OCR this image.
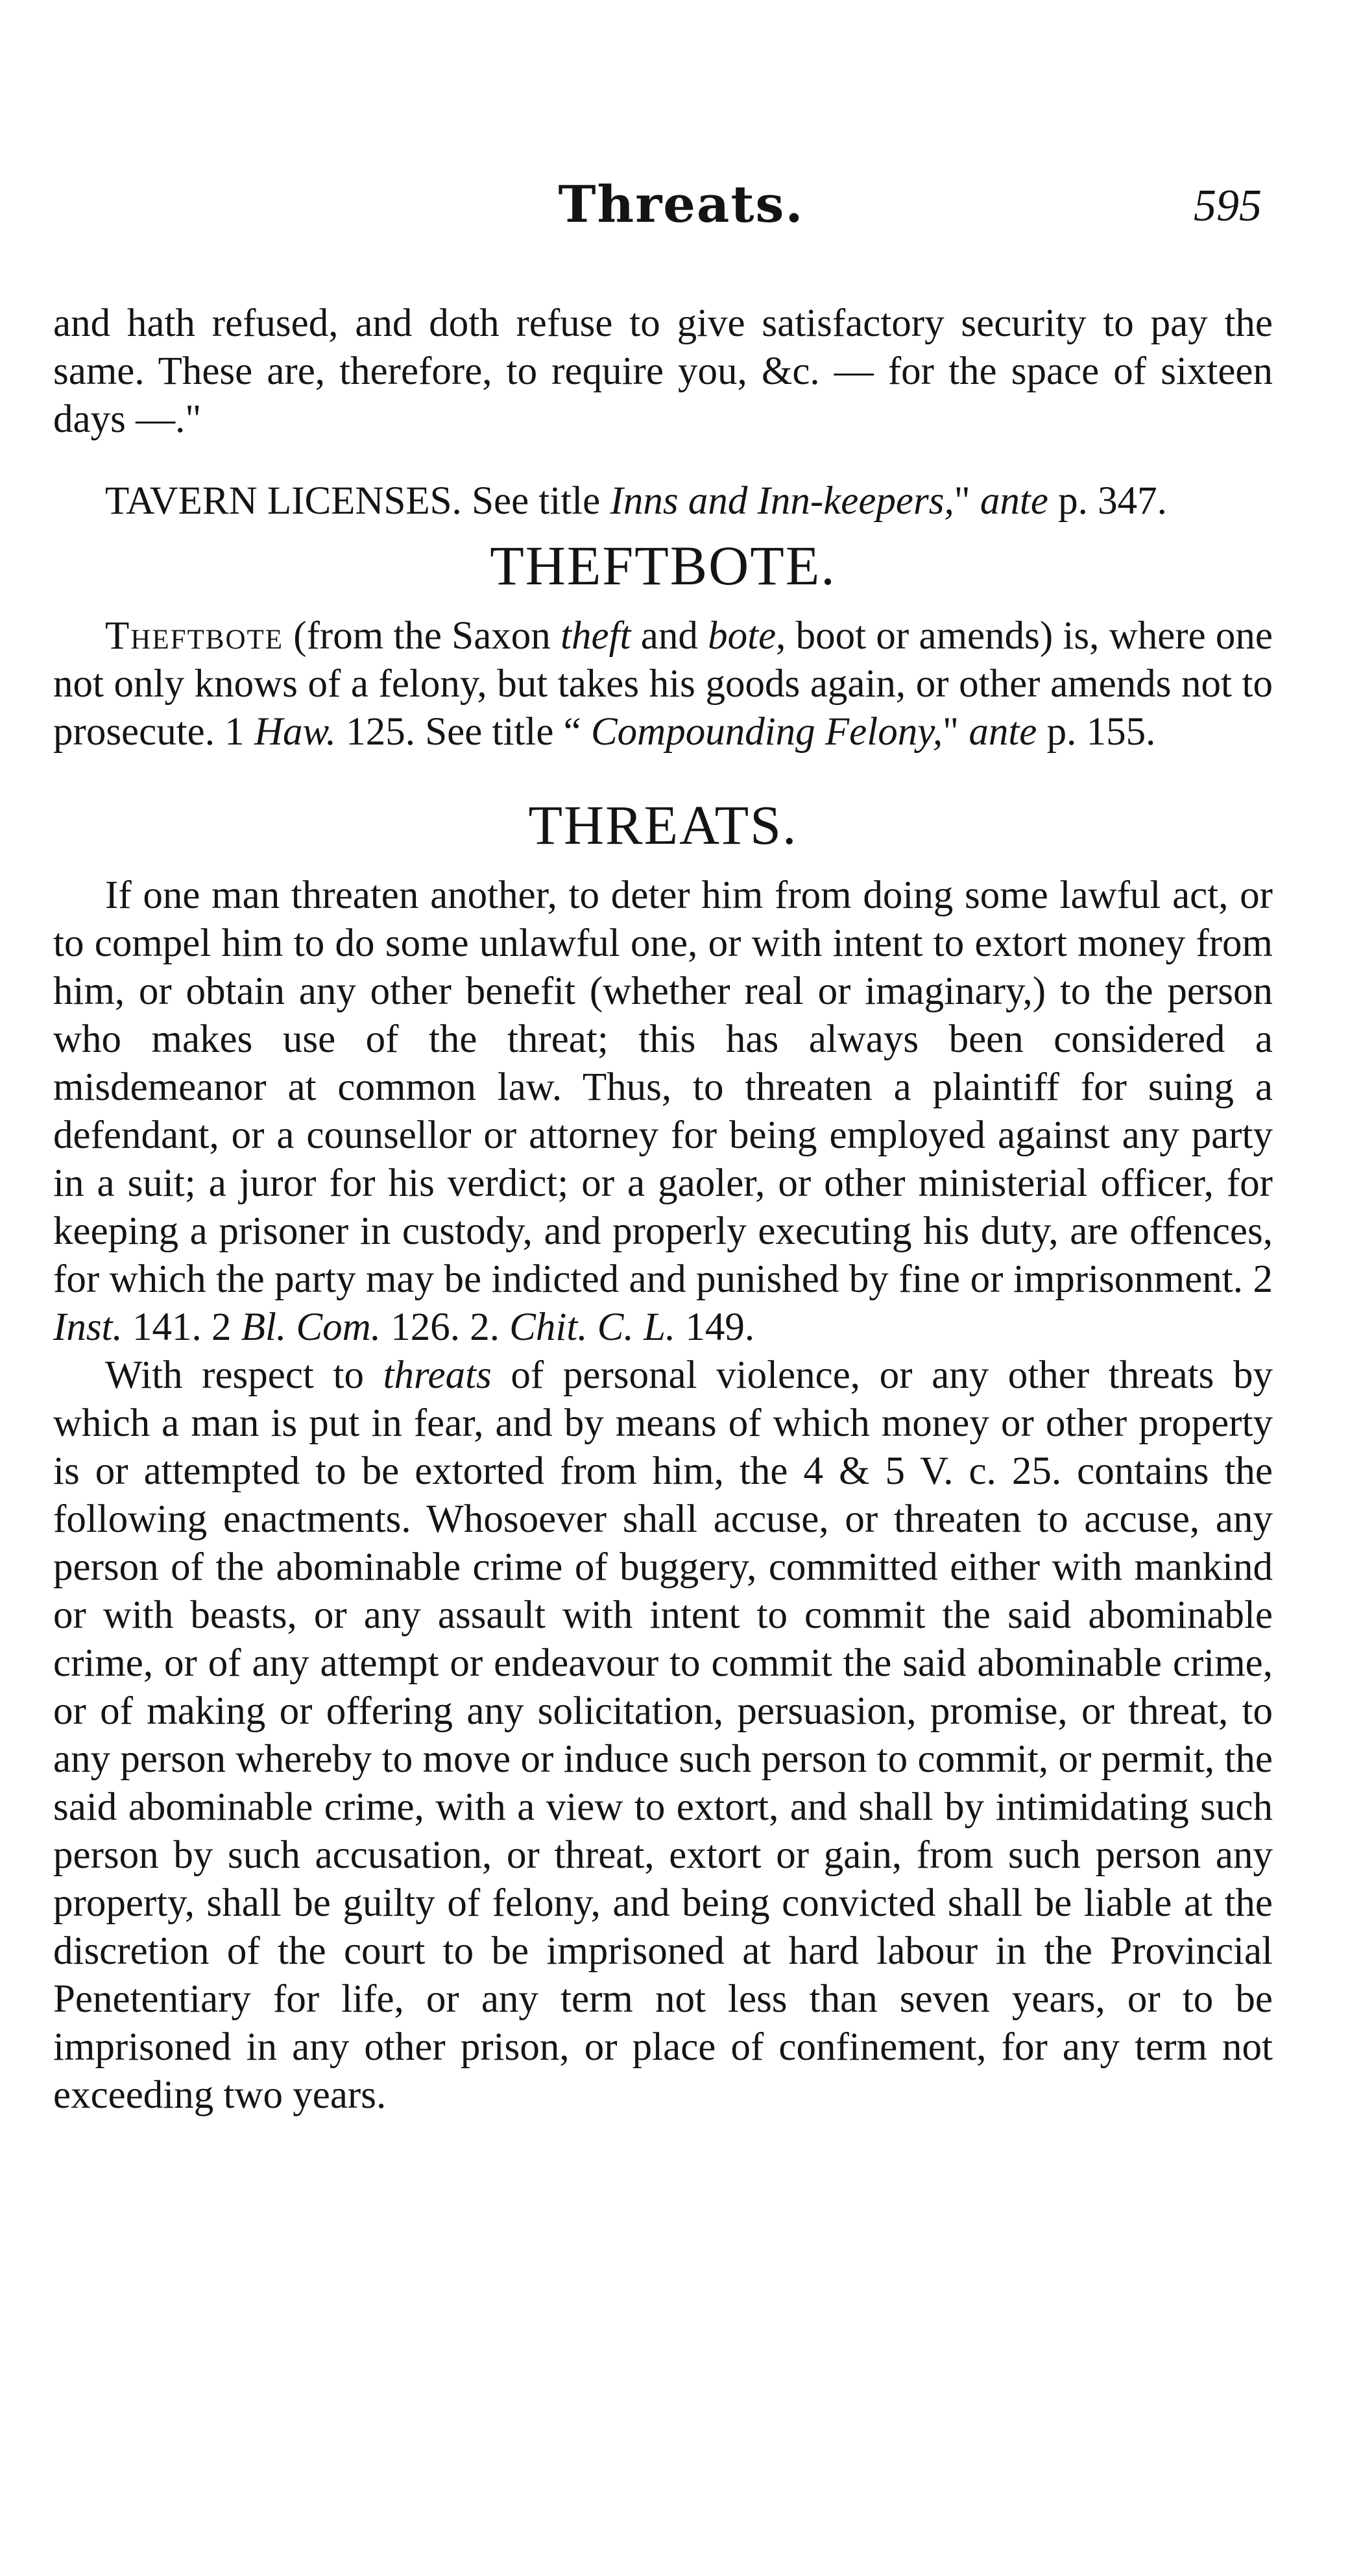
Threats.	595

and hath refused, and doth refuse to give satisfactory security to pay the same. These are, therefore, to require you, &c. — for the space of sixteen days —."

TAVERN LICENSES. See title Inns and Inn-keepers," ante p. 347.

THEFTBOTE.

Theftbote (from the Saxon theft and bote, boot or amends) is, where one not only knows of a felony, but takes his goods again, or other amends not to prosecute. 1 Haw. 125. See title “ Compounding Felony," ante p. 155.

THREATS.

If one man threaten another, to deter him from doing some lawful act, or to compel him to do some unlawful one, or with intent to extort money from him, or obtain any other benefit (whether real or imaginary,) to the person who makes use of the threat; this has always been considered a misdemeanor at common law. Thus, to threaten a plaintiff for suing a defendant, or a counsellor or attorney for being employed against any party in a suit; a juror for his verdict; or a gaoler, or other ministerial officer, for keeping a prisoner in custody, and properly executing his duty, are offences, for which the party may be indicted and punished by fine or imprisonment. 2 Inst. 141. 2 Bl. Com. 126. 2. Chit. C. L. 149.

With respect to threats of personal violence, or any other threats by which a man is put in fear, and by means of which money or other property is or attempted to be extorted from him, the 4 & 5 V. c. 25. contains the following enactments. Whosoever shall accuse, or threaten to accuse, any person of the abominable crime of buggery, committed either with mankind or with beasts, or any assault with intent to commit the said abominable crime, or of any attempt or endeavour to commit the said abominable crime, or of making or offering any solicitation, persuasion, promise, or threat, to any person whereby to move or induce such person to commit, or permit, the said abominable crime, with a view to extort, and shall by intimidating such person by such accusation, or threat, extort or gain, from such person any property, shall be guilty of felony, and being convicted shall be liable at the discretion of the court to be imprisoned at hard labour in the Provincial Penetentiary for life, or any term not less than seven years, or to be imprisoned in any other prison, or place of confinement, for any term not exceeding two years.
